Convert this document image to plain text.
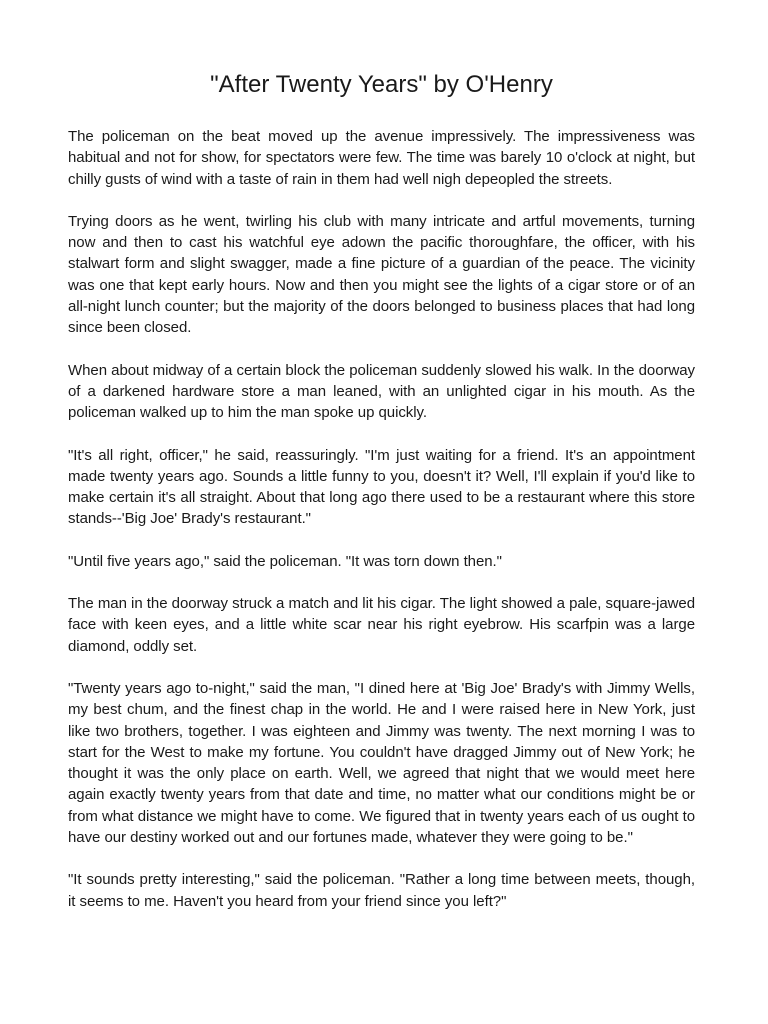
"After Twenty Years" by O'Henry

The policeman on the beat moved up the avenue impressively. The impressiveness was habitual and not for show, for spectators were few. The time was barely 10 o'clock at night, but chilly gusts of wind with a taste of rain in them had well nigh depeopled the streets.

Trying doors as he went, twirling his club with many intricate and artful movements, turning now and then to cast his watchful eye adown the pacific thoroughfare, the officer, with his stalwart form and slight swagger, made a fine picture of a guardian of the peace. The vicinity was one that kept early hours. Now and then you might see the lights of a cigar store or of an all-night lunch counter; but the majority of the doors belonged to business places that had long since been closed.

When about midway of a certain block the policeman suddenly slowed his walk. In the doorway of a darkened hardware store a man leaned, with an unlighted cigar in his mouth. As the policeman walked up to him the man spoke up quickly.

"It's all right, officer," he said, reassuringly. "I'm just waiting for a friend. It's an appointment made twenty years ago. Sounds a little funny to you, doesn't it? Well, I'll explain if you'd like to make certain it's all straight. About that long ago there used to be a restaurant where this store stands--'Big Joe' Brady's restaurant."

"Until five years ago," said the policeman. "It was torn down then."

The man in the doorway struck a match and lit his cigar. The light showed a pale, square-jawed face with keen eyes, and a little white scar near his right eyebrow. His scarfpin was a large diamond, oddly set.

"Twenty years ago to-night," said the man, "I dined here at 'Big Joe' Brady's with Jimmy Wells, my best chum, and the finest chap in the world. He and I were raised here in New York, just like two brothers, together. I was eighteen and Jimmy was twenty. The next morning I was to start for the West to make my fortune. You couldn't have dragged Jimmy out of New York; he thought it was the only place on earth. Well, we agreed that night that we would meet here again exactly twenty years from that date and time, no matter what our conditions might be or from what distance we might have to come. We figured that in twenty years each of us ought to have our destiny worked out and our fortunes made, whatever they were going to be."

"It sounds pretty interesting," said the policeman. "Rather a long time between meets, though, it seems to me. Haven't you heard from your friend since you left?"
